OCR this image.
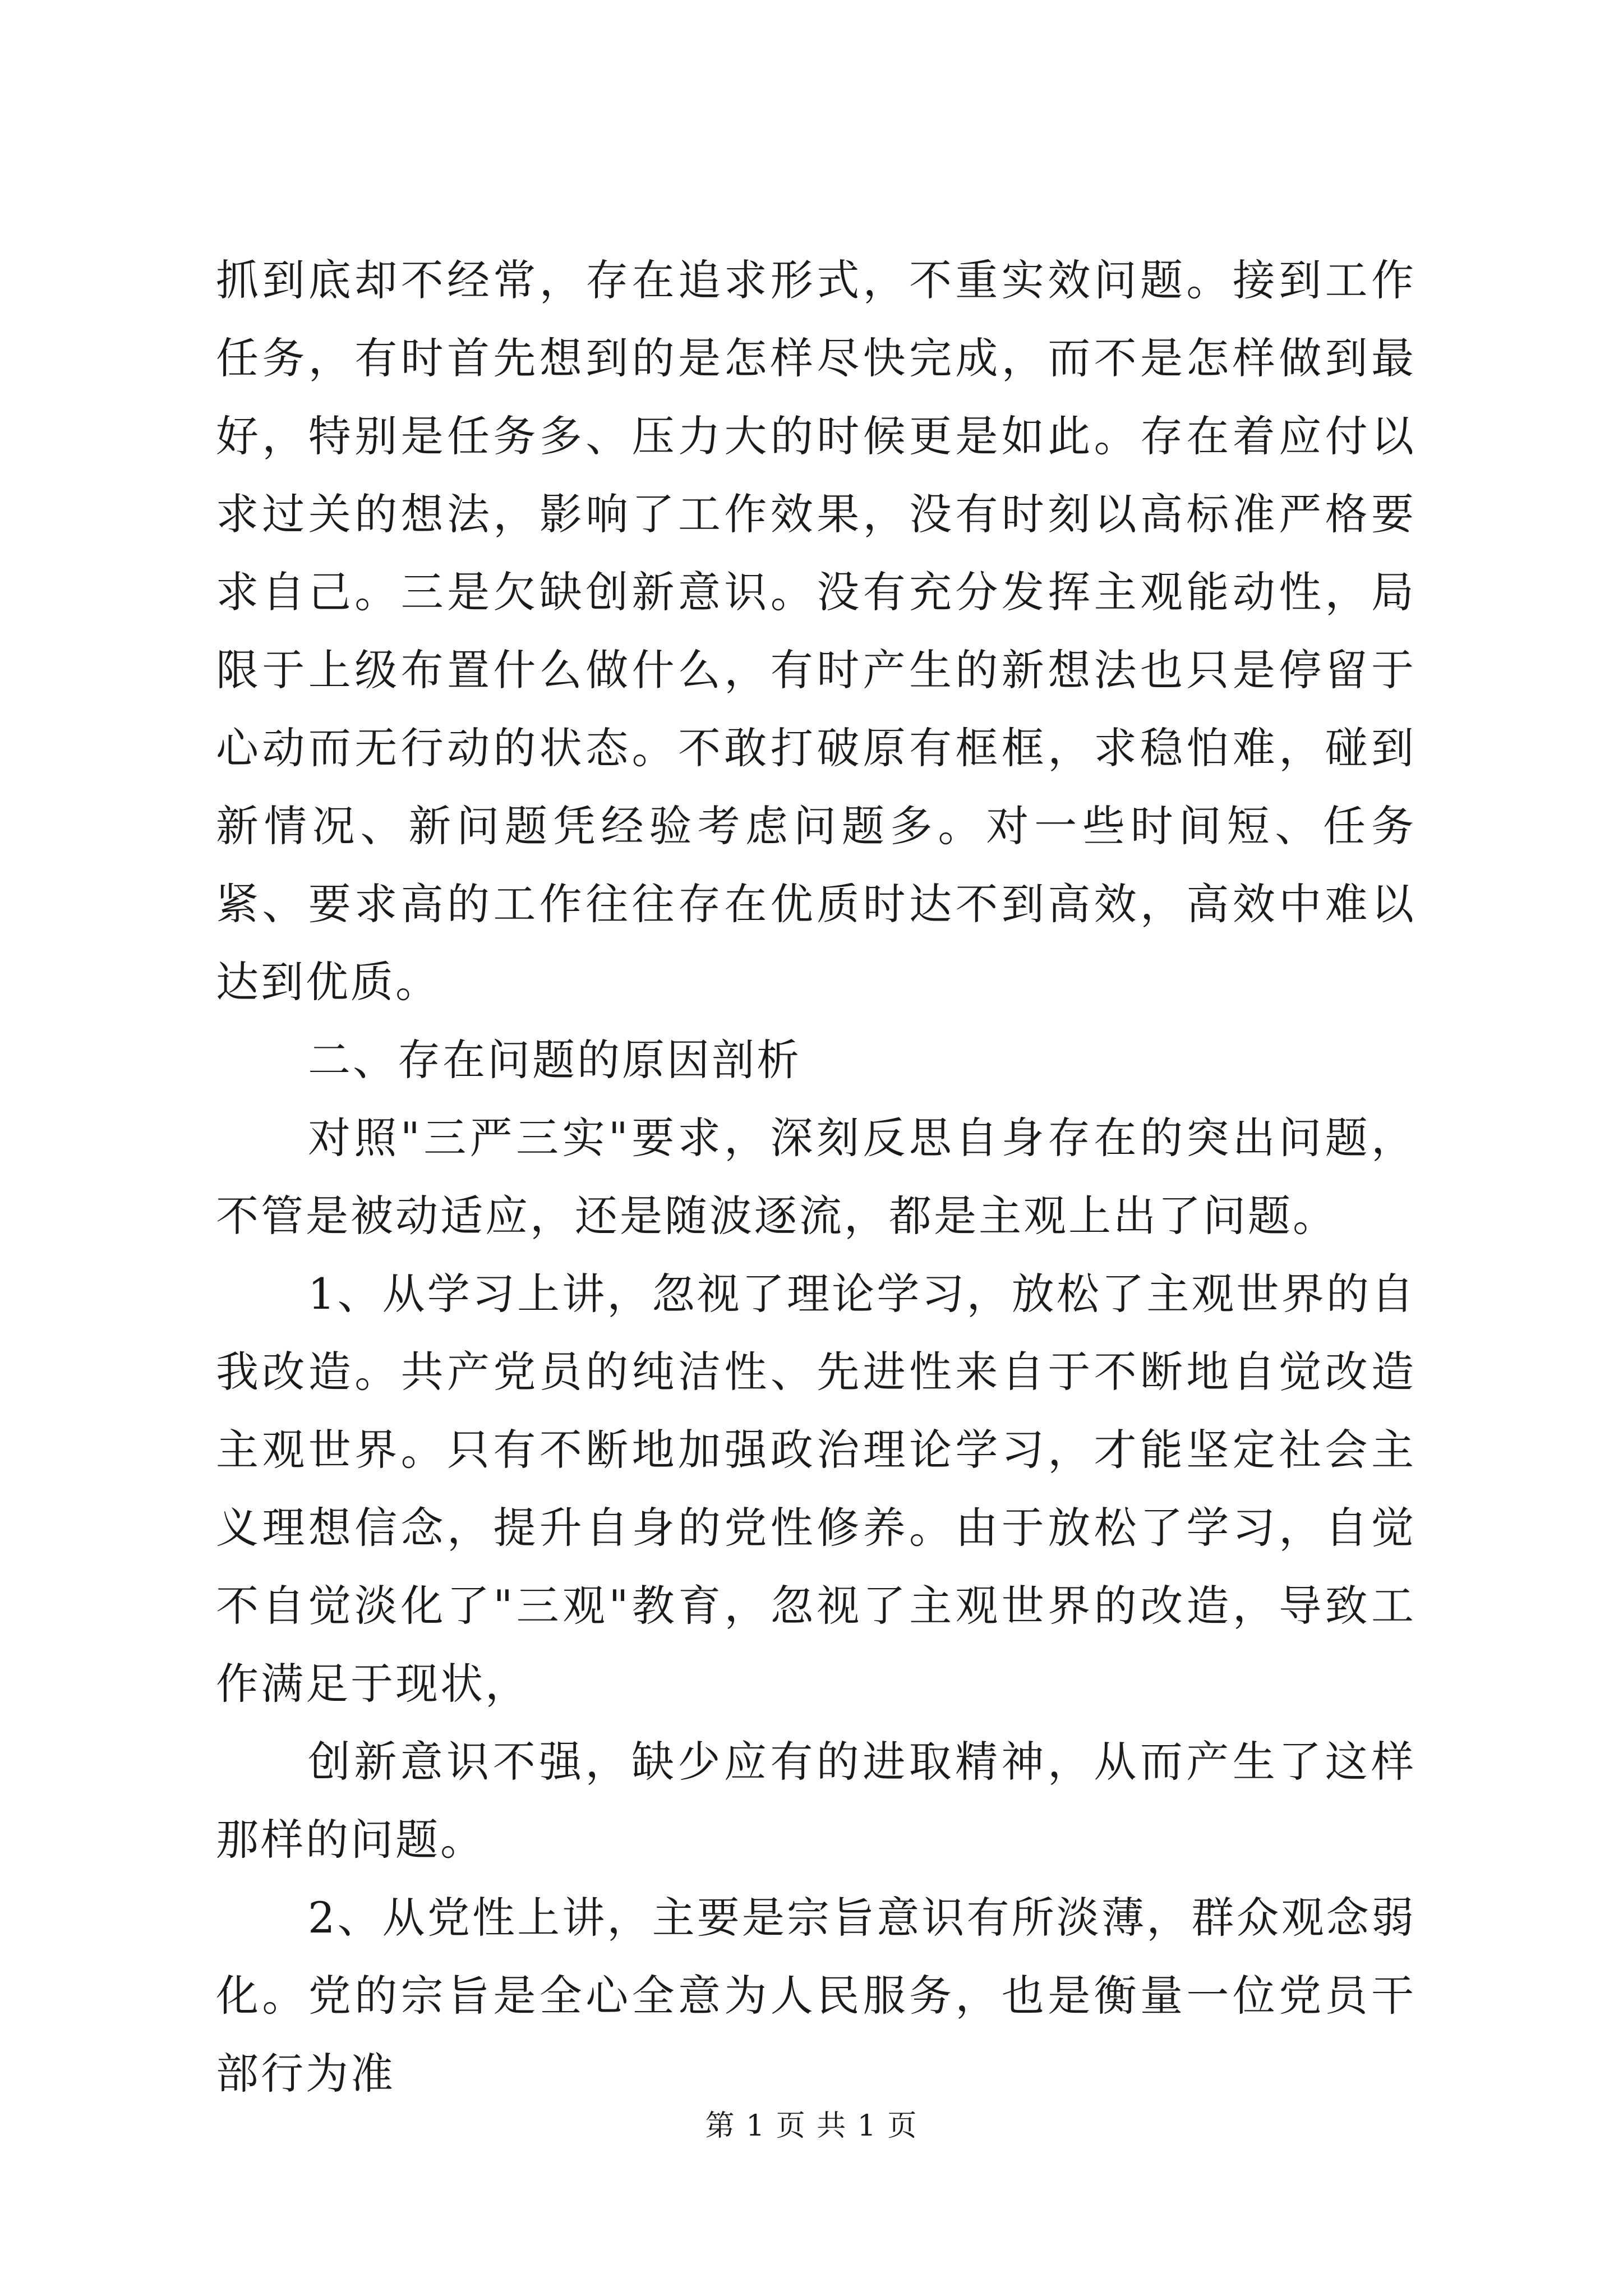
抓到底却不经常，存在追求形式，不重实效问题。接到工作任务，有时首先想到的是怎样尽快完成，而不是怎样做到最好，特别是任务多、压力大的时候更是如此。存在着应付以求过关的想法，影响了工作效果，没有时刻以高标准严格要求自己。三是欠缺创新意识。没有充分发挥主观能动性，局限于上级布置什么做什么，有时产生的新想法也只是停留于心动而无行动的状态。不敢打破原有框框，求稳怕难，碰到新情况、新问题凭经验考虑问题多。对一些时间短、任务紧、要求高的工作往往存在优质时达不到高效，高效中难以达到优质。

二、存在问题的原因剖析

对照"三严三实"要求，深刻反思自身存在的突出问题，不管是被动适应，还是随波逐流，都是主观上出了问题。

1、从学习上讲，忽视了理论学习，放松了主观世界的自我改造。共产党员的纯洁性、先进性来自于不断地自觉改造主观世界。只有不断地加强政治理论学习，才能坚定社会主义理想信念，提升自身的党性修养。由于放松了学习，自觉不自觉淡化了"三观"教育，忽视了主观世界的改造，导致工作满足于现状，

创新意识不强，缺少应有的进取精神，从而产生了这样那样的问题。

2、从党性上讲，主要是宗旨意识有所淡薄，群众观念弱化。党的宗旨是全心全意为人民服务，也是衡量一位党员干部行为准

第 1 页 共 1 页
